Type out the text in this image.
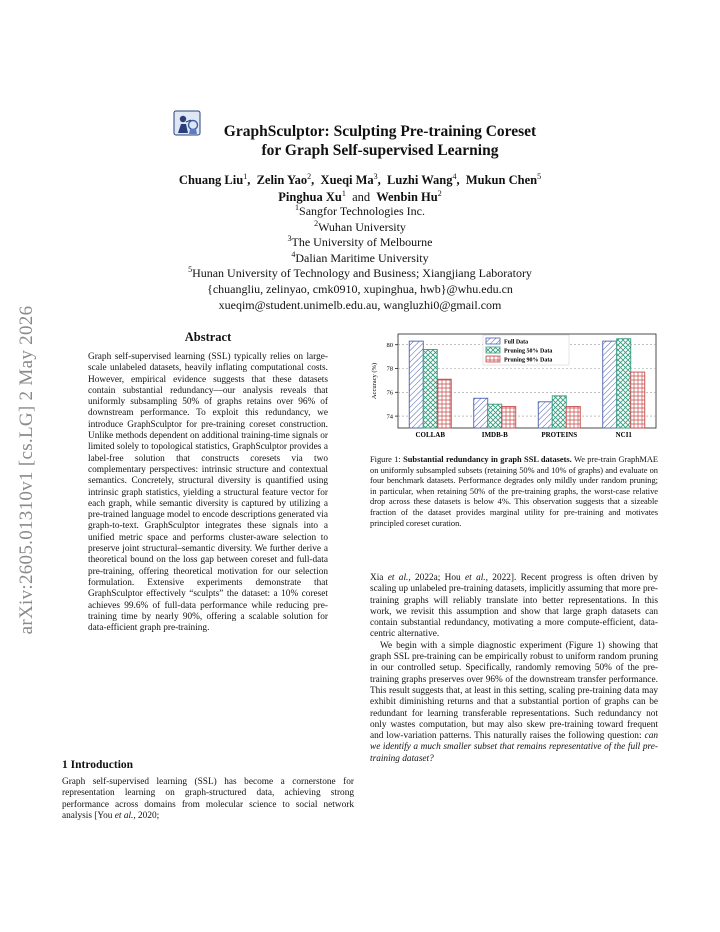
arXiv:2605.01310v1 [cs.LG] 2 May 2026
GraphSculptor: Sculpting Pre-training Coreset
for Graph Self-supervised Learning
Chuang Liu$^1$,  Zelin Yao$^2$,  Xueqi Ma$^3$,  Luzhi Wang$^4$,  Mukun Chen$^5$
Pinghua Xu$^1$ and Wenbin Hu$^2$
$^1$Sangfor Technologies Inc.
$^2$Wuhan University
$^3$The University of Melbourne
$^4$Dalian Maritime University
$^5$Hunan University of Technology and Business; Xiangjiang Laboratory
{chuangliu, zelinyao, cmk0910, xupinghua, hwb}@whu.edu.cn
xueqim@student.unimelb.edu.au, wangluzhi0@gmail.com
Abstract
Graph self-supervised learning (SSL) typically relies on large-scale unlabeled datasets, heavily inflating computational costs. However, empirical evidence suggests that these datasets contain substantial redundancy—our analysis reveals that uniformly subsampling 50% of graphs retains over 96% of downstream performance. To exploit this redundancy, we introduce GraphSculptor for pre-training coreset construction. Unlike methods dependent on additional training-time signals or limited solely to topological statistics, GraphSculptor provides a label-free solution that constructs coresets via two complementary perspectives: intrinsic structure and contextual semantics. Concretely, structural diversity is quantified using intrinsic graph statistics, yielding a structural feature vector for each graph, while semantic diversity is captured by utilizing a pre-trained language model to encode descriptions generated via graph-to-text. GraphSculptor integrates these signals into a unified metric space and performs cluster-aware selection to preserve joint structural–semantic diversity. We further derive a theoretical bound on the loss gap between coreset and full-data pre-training, offering theoretical motivation for our selection formulation. Extensive experiments demonstrate that GraphSculptor effectively “sculpts” the dataset: a 10% coreset achieves 99.6% of full-data performance while reducing pre-training time by nearly 90%, offering a scalable solution for data-efficient graph pre-training.
1 Introduction
Graph self-supervised learning (SSL) has become a cornerstone for representation learning on graph-structured data, achieving strong performance across domains from molecular science to social network analysis [You et al., 2020;
74
76
78
80
Accuracy (%)
COLLAB	IMDB-B	PROTEINS	NCI1
Full Data
Pruning 50% Data
Pruning 90% Data
Figure 1: Substantial redundancy in graph SSL datasets. We pre-train GraphMAE on uniformly subsampled subsets (retaining 50% and 10% of graphs) and evaluate on four benchmark datasets. Performance degrades only mildly under random pruning; in particular, when retaining 50% of the pre-training graphs, the worst-case relative drop across these datasets is below 4%. This observation suggests that a sizeable fraction of the dataset provides marginal utility for pre-training and motivates principled coreset curation.

Xia et al., 2022a; Hou et al., 2022]. Recent progress is often driven by scaling up unlabeled pre-training datasets, implicitly assuming that more pre-training graphs will reliably translate into better representations. In this work, we revisit this assumption and show that large graph datasets can contain substantial redundancy, motivating a more compute-efficient, data-centric alternative.

We begin with a simple diagnostic experiment (Figure 1) showing that graph SSL pre-training can be empirically robust to uniform random pruning in our controlled setup. Specifically, randomly removing 50% of the pre-training graphs preserves over 96% of the downstream transfer performance. This result suggests that, at least in this setting, scaling pre-training data may exhibit diminishing returns and that a substantial portion of graphs can be redundant for learning transferable representations. Such redundancy not only wastes computation, but may also skew pre-training toward frequent and low-variation patterns. This naturally raises the following question: can we identify a much smaller subset that remains representative of the full pre-training dataset?
